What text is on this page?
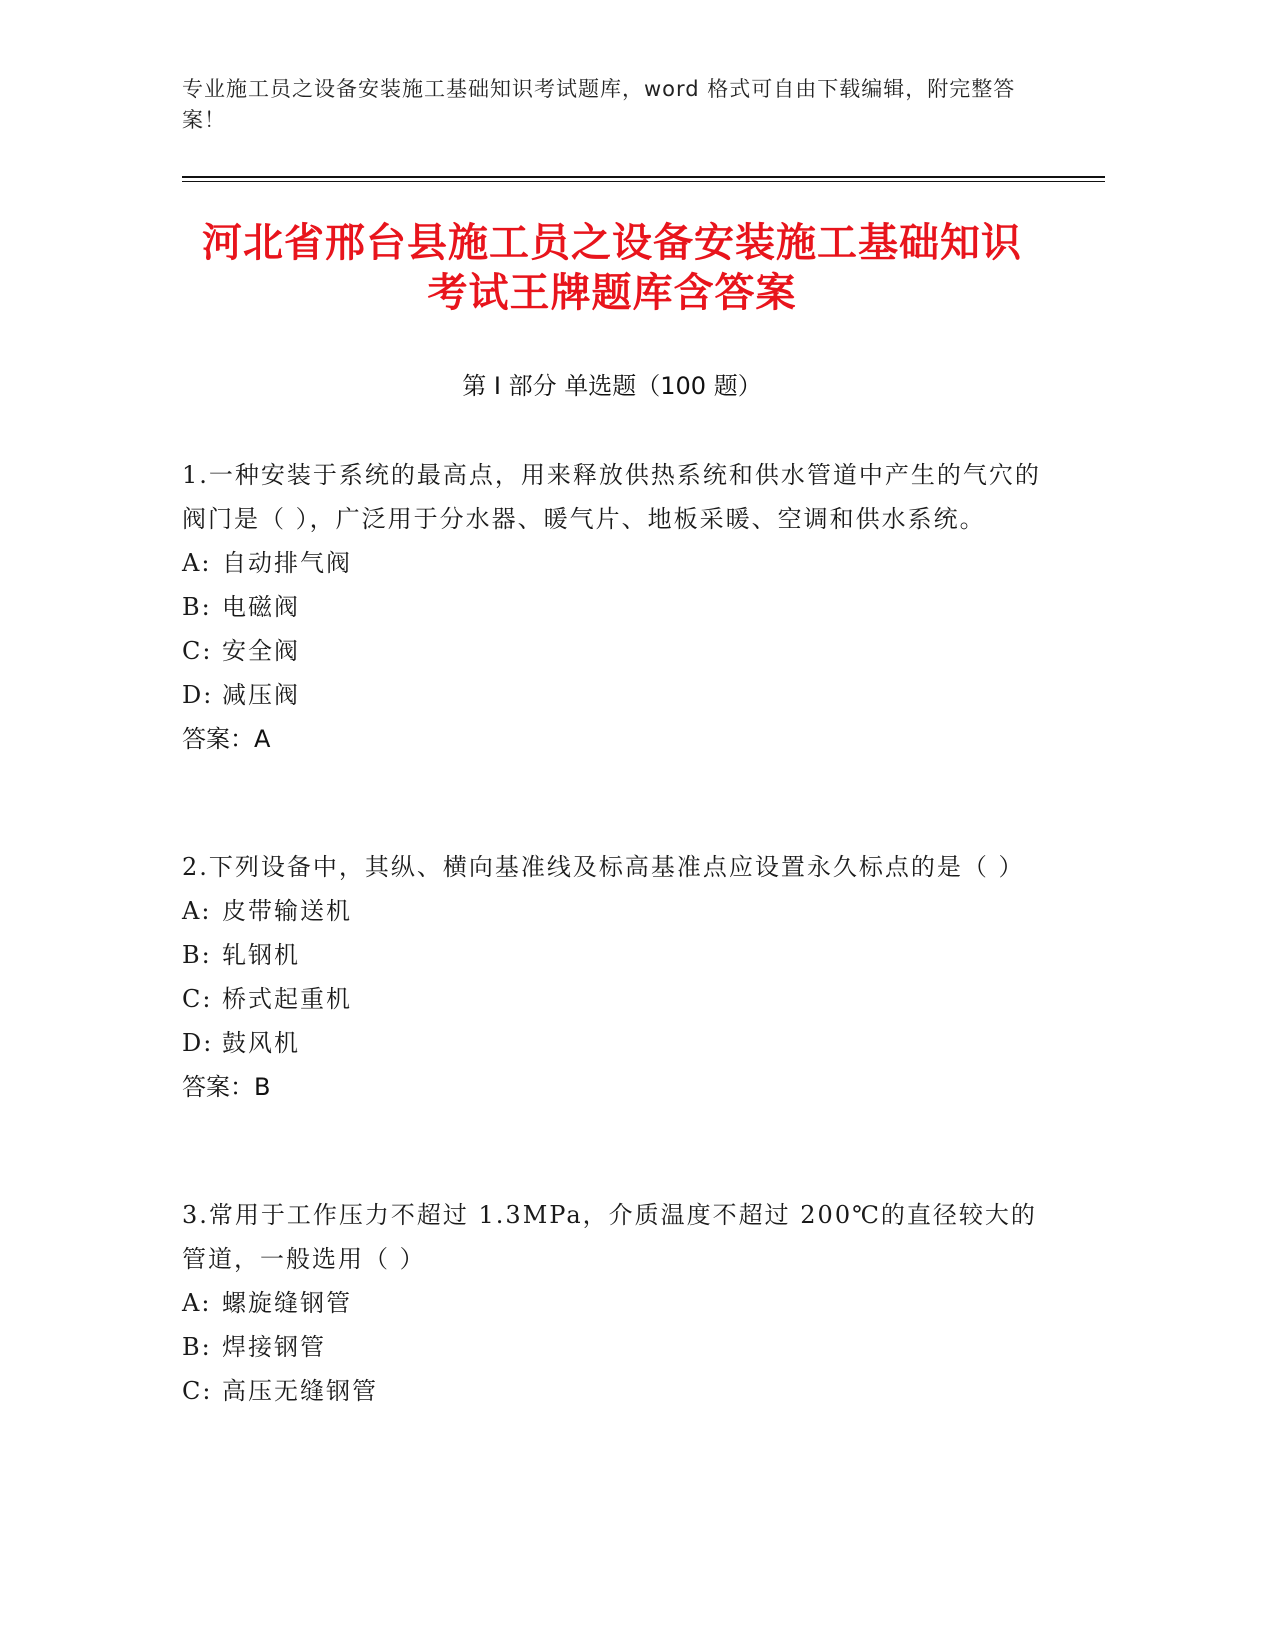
专业施工员之设备安装施工基础知识考试题库，word 格式可自由下载编辑，附完整答案！
河北省邢台县施工员之设备安装施工基础知识考试王牌题库含答案
第 I 部分 单选题（100 题）

1.一种安装于系统的最高点，用来释放供热系统和供水管道中产生的气穴的阀门是（ ），广泛用于分水器、暖气片、地板采暖、空调和供水系统。

A: 自动排气阀
B: 电磁阀
C: 安全阀
D: 减压阀
答案：A

2.下列设备中，其纵、横向基准线及标高基准点应设置永久标点的是（ ）

A: 皮带输送机
B: 轧钢机
C: 桥式起重机
D: 鼓风机
答案：B

3.常用于工作压力不超过 1.3MPa，介质温度不超过 200℃的直径较大的管道，一般选用（ ）

A: 螺旋缝钢管
B: 焊接钢管
C: 高压无缝钢管
